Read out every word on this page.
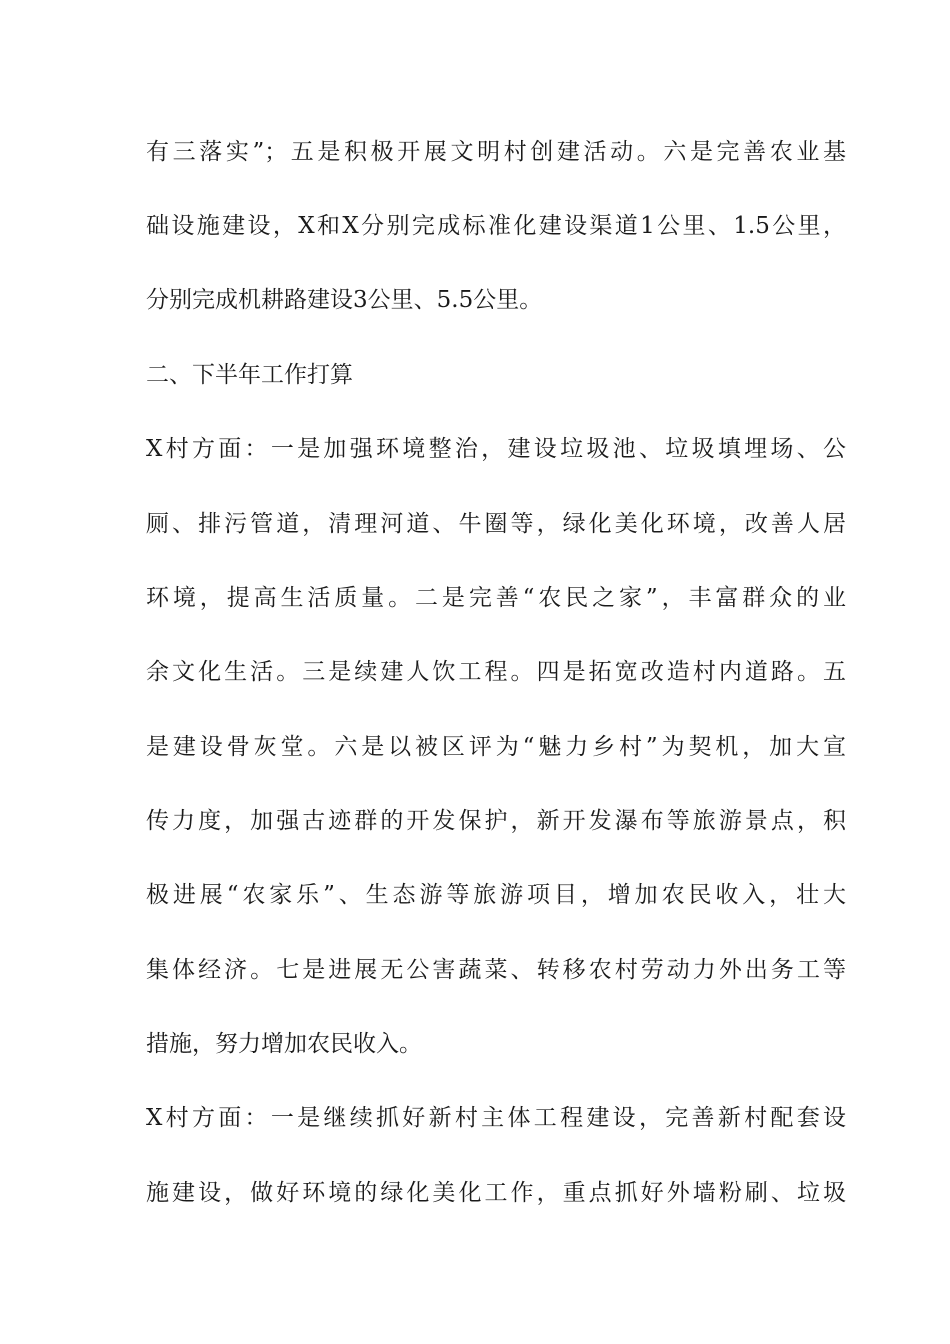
有三落实”；五是积极开展文明村创建活动。六是完善农业基
础设施建设，X和X分别完成标准化建设渠道1公里、1.5公里，
分别完成机耕路建设3公里、5.5公里。
二、下半年工作打算
X村方面：一是加强环境整治，建设垃圾池、垃圾填埋场、公
厕、排污管道，清理河道、牛圈等，绿化美化环境，改善人居
环境，提高生活质量。二是完善“农民之家”，丰富群众的业
余文化生活。三是续建人饮工程。四是拓宽改造村内道路。五
是建设骨灰堂。六是以被区评为“魅力乡村”为契机，加大宣
传力度，加强古迹群的开发保护，新开发瀑布等旅游景点，积
极进展“农家乐”、生态游等旅游项目，增加农民收入，壮大
集体经济。七是进展无公害蔬菜、转移农村劳动力外出务工等
措施，努力增加农民收入。
X村方面：一是继续抓好新村主体工程建设，完善新村配套设
施建设，做好环境的绿化美化工作，重点抓好外墙粉刷、垃圾
